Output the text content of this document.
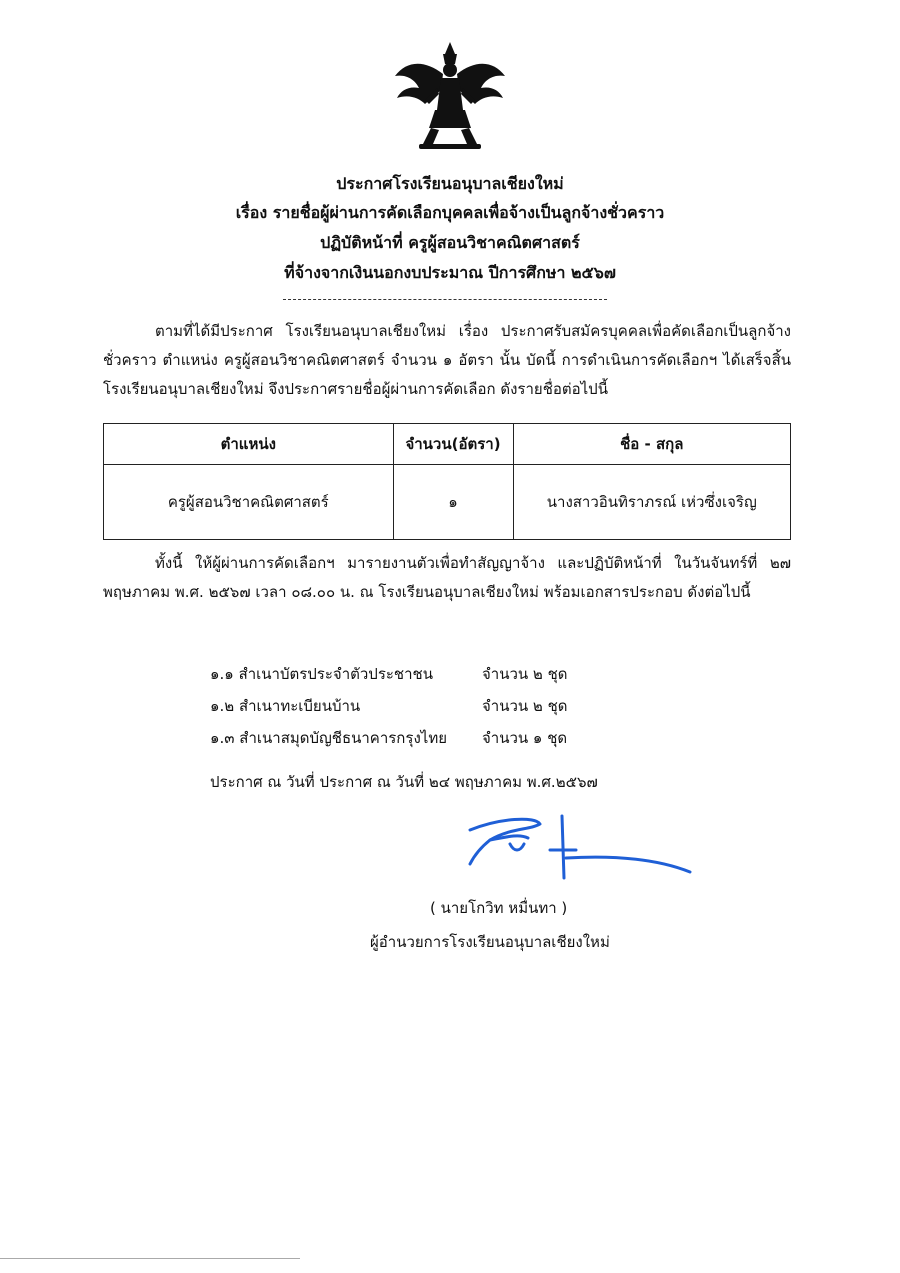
ประกาศโรงเรียนอนุบาลเชียงใหม่
เรื่อง รายชื่อผู้ผ่านการคัดเลือกบุคคลเพื่อจ้างเป็นลูกจ้างชั่วคราว
ปฏิบัติหน้าที่ ครูผู้สอนวิชาคณิตศาสตร์
ที่จ้างจากเงินนอกงบประมาณ ปีการศึกษา ๒๕๖๗
ตามที่ได้มีประกาศ โรงเรียนอนุบาลเชียงใหม่ เรื่อง ประกาศรับสมัครบุคคลเพื่อคัดเลือกเป็นลูกจ้างชั่วคราว ตำแหน่ง ครูผู้สอนวิชาคณิตศาสตร์ จำนวน ๑ อัตรา นั้น บัดนี้ การดำเนินการคัดเลือกฯ ได้เสร็จสิ้น โรงเรียนอนุบาลเชียงใหม่ จึงประกาศรายชื่อผู้ผ่านการคัดเลือก ดังรายชื่อต่อไปนี้
ตำแหน่ง	จำนวน(อัตรา)	ชื่อ - สกุล
ครูผู้สอนวิชาคณิตศาสตร์	๑	นางสาวอินทิราภรณ์ เห่วซึ่งเจริญ
ทั้งนี้ ให้ผู้ผ่านการคัดเลือกฯ มารายงานตัวเพื่อทำสัญญาจ้าง และปฏิบัติหน้าที่ ในวันจันทร์ที่ ๒๗ พฤษภาคม พ.ศ. ๒๕๖๗ เวลา ๐๘.๐๐ น. ณ โรงเรียนอนุบาลเชียงใหม่ พร้อมเอกสารประกอบ ดังต่อไปนี้
๑.๑ สำเนาบัตรประจำตัวประชาชน	จำนวน ๒ ชุด
๑.๒ สำเนาทะเบียนบ้าน	จำนวน ๒ ชุด
๑.๓ สำเนาสมุดบัญชีธนาคารกรุงไทย	จำนวน ๑ ชุด
ประกาศ ณ วันที่ ประกาศ ณ วันที่ ๒๔ พฤษภาคม พ.ศ.๒๕๖๗
( นายโกวิท หมื่นทา )
ผู้อำนวยการโรงเรียนอนุบาลเชียงใหม่
